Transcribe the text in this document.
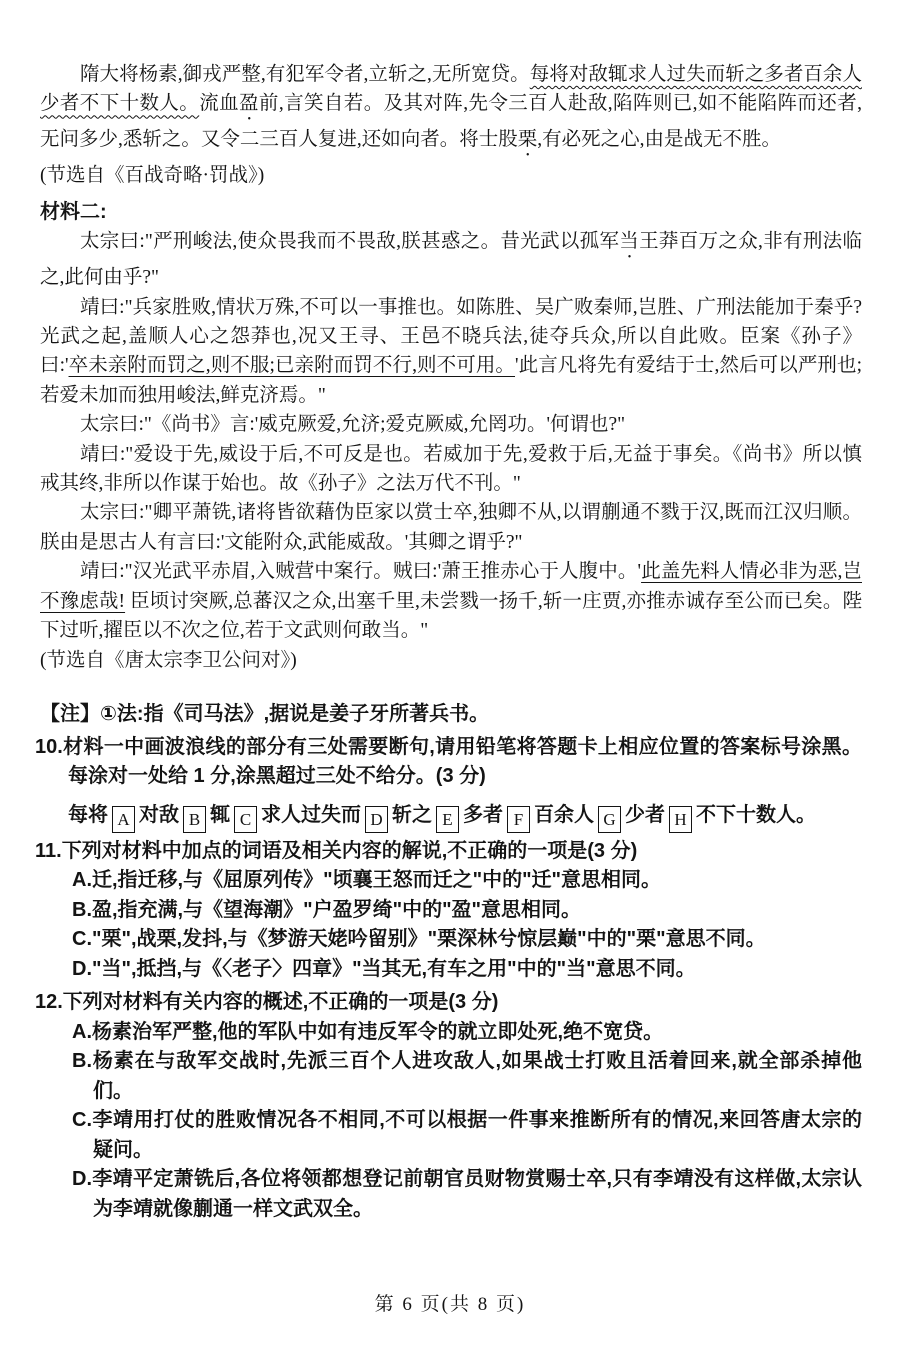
隋大将杨素,御戎严整,有犯军令者,立斩之,无所宽贷。每将对敌辄求人过失而斩之多者百余人少者不下十数人。流血盈前,言笑自若。及其对阵,先令三百人赴敌,陷阵则已,如不能陷阵而还者,无问多少,悉斩之。又令二三百人复进,还如向者。将士股栗,有必死之心,由是战无不胜。

(节选自《百战奇略·罚战》)

材料二:

太宗曰:"严刑峻法,使众畏我而不畏敌,朕甚惑之。昔光武以孤军当王莽百万之众,非有刑法临之,此何由乎?"

靖曰:"兵家胜败,情状万殊,不可以一事推也。如陈胜、吴广败秦师,岂胜、广刑法能加于秦乎? 光武之起,盖顺人心之怨莽也,况又王寻、王邑不晓兵法,徒夺兵众,所以自此败。臣案《孙子》曰:'卒未亲附而罚之,则不服;已亲附而罚不行,则不可用。'此言凡将先有爱结于士,然后可以严刑也;若爱未加而独用峻法,鲜克济焉。"

太宗曰:"《尚书》言:'威克厥爱,允济;爱克厥威,允罔功。'何谓也?"

靖曰:"爱设于先,威设于后,不可反是也。若威加于先,爱救于后,无益于事矣。《尚书》所以慎戒其终,非所以作谋于始也。故《孙子》之法万代不刊。"

太宗曰:"卿平萧铣,诸将皆欲藉伪臣家以赏士卒,独卿不从,以谓蒯通不戮于汉,既而江汉归顺。朕由是思古人有言曰:'文能附众,武能威敌。'其卿之谓乎?"

靖曰:"汉光武平赤眉,入贼营中案行。贼曰:'萧王推赤心于人腹中。'此盖先料人情必非为恶,岂不豫虑哉! 臣顷讨突厥,总蕃汉之众,出塞千里,未尝戮一扬千,斩一庄贾,亦推赤诚存至公而已矣。陛下过听,擢臣以不次之位,若于文武则何敢当。"

(节选自《唐太宗李卫公问对》)

【注】①法:指《司马法》,据说是姜子牙所著兵书。

10.材料一中画波浪线的部分有三处需要断句,请用铅笔将答题卡上相应位置的答案标号涂黑。每涂对一处给 1 分,涂黑超过三处不给分。(3 分)

每将 A 对敌 B 辄 C 求人过失而 D 斩之 E 多者 F 百余人 G 少者 H 不下十数人。

11.下列对材料中加点的词语及相关内容的解说,不正确的一项是(3 分)

A.迁,指迁移,与《屈原列传》"顷襄王怒而迁之"中的"迁"意思相同。

B.盈,指充满,与《望海潮》"户盈罗绮"中的"盈"意思相同。

C."栗",战栗,发抖,与《梦游天姥吟留别》"栗深林兮惊层巅"中的"栗"意思不同。

D."当",抵挡,与《〈老子〉四章》"当其无,有车之用"中的"当"意思不同。

12.下列对材料有关内容的概述,不正确的一项是(3 分)

A.杨素治军严整,他的军队中如有违反军令的就立即处死,绝不宽贷。

B.杨素在与敌军交战时,先派三百个人进攻敌人,如果战士打败且活着回来,就全部杀掉他们。

C.李靖用打仗的胜败情况各不相同,不可以根据一件事来推断所有的情况,来回答唐太宗的疑问。

D.李靖平定萧铣后,各位将领都想登记前朝官员财物赏赐士卒,只有李靖没有这样做,太宗认为李靖就像蒯通一样文武双全。

第 6 页(共 8 页)
